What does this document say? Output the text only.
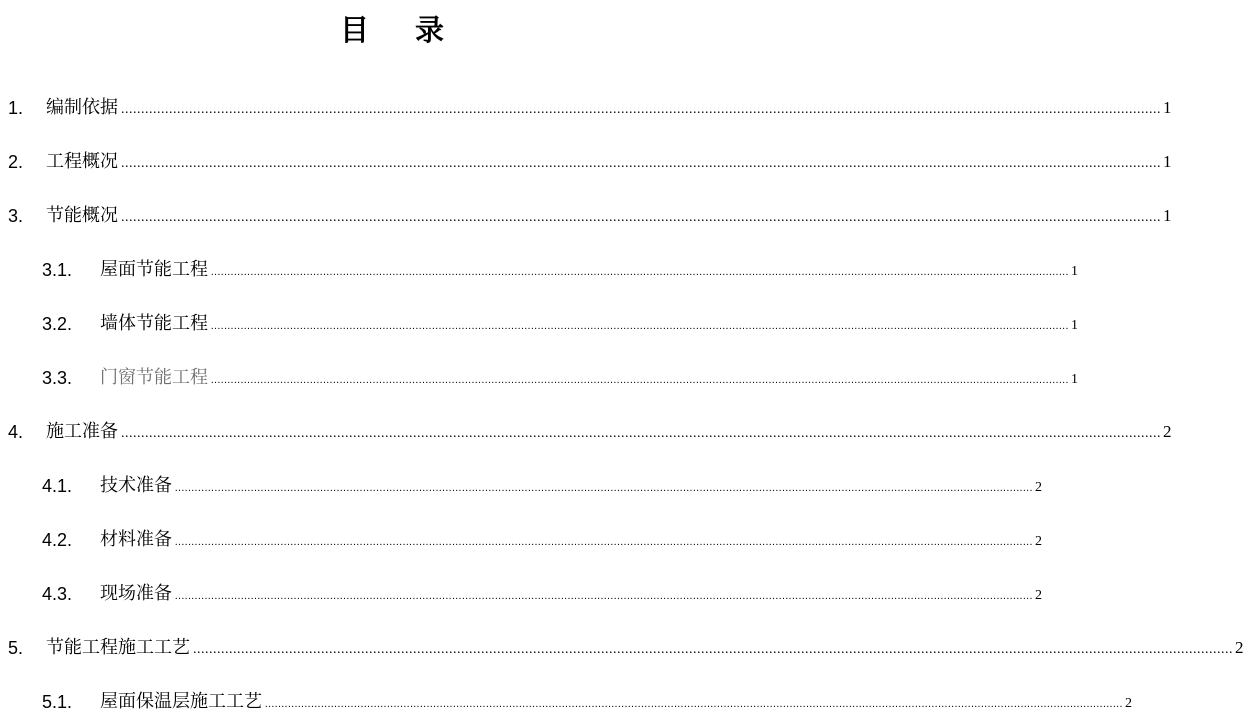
目 录
1. 编制依据 .................................................................................................................................................................................................................................................................... 1
2. 工程概况 .................................................................................................................................................................................................................................................................... 1
3. 节能概况 .................................................................................................................................................................................................................................................................... 1
3.1. 屋面节能工程 .................................................................................................................................................................................................................................................................... 1
3.2. 墙体节能工程 .................................................................................................................................................................................................................................................................... 1
3.3. 门窗节能工程 .................................................................................................................................................................................................................................................................... 1
4. 施工准备 .................................................................................................................................................................................................................................................................... 2
4.1. 技术准备 .................................................................................................................................................................................................................................................................... 2
4.2. 材料准备 .................................................................................................................................................................................................................................................................... 2
4.3. 现场准备 .................................................................................................................................................................................................................................................................... 2
5. 节能工程施工工艺 .................................................................................................................................................................................................................................................................... 2
5.1. 屋面保温层施工工艺 .................................................................................................................................................................................................................................................................... 2
